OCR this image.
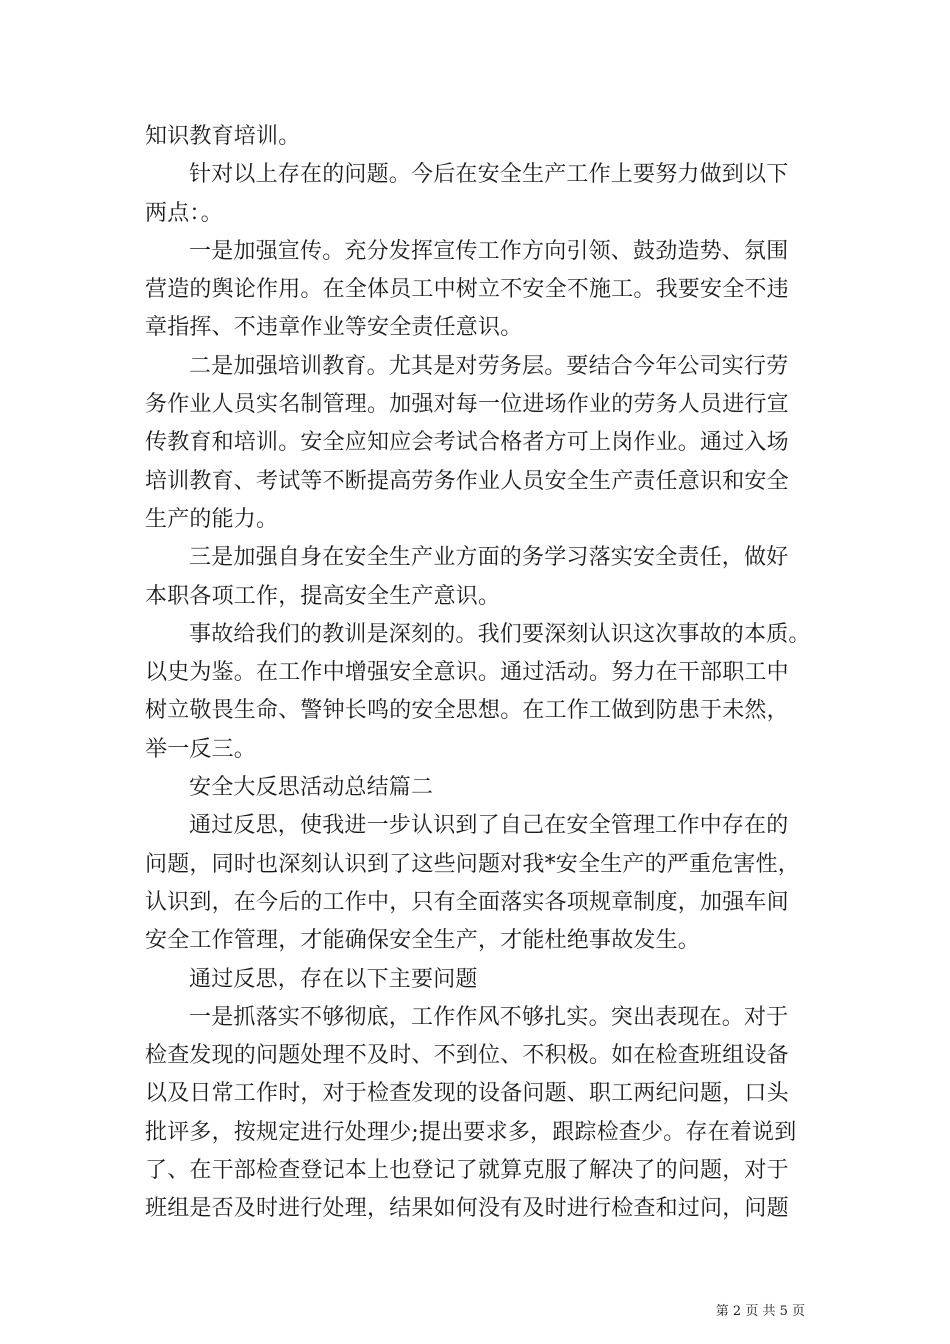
知识教育培训。
针对以上存在的问题。今后在安全生产工作上要努力做到以下
两点：。
一是加强宣传。充分发挥宣传工作方向引领、鼓劲造势、氛围
营造的舆论作用。在全体员工中树立不安全不施工。我要安全不违
章指挥、不违章作业等安全责任意识。
二是加强培训教育。尤其是对劳务层。要结合今年公司实行劳
务作业人员实名制管理。加强对每一位进场作业的劳务人员进行宣
传教育和培训。安全应知应会考试合格者方可上岗作业。通过入场
培训教育、考试等不断提高劳务作业人员安全生产责任意识和安全
生产的能力。
三是加强自身在安全生产业方面的务学习落实安全责任，做好
本职各项工作，提高安全生产意识。
事故给我们的教训是深刻的。我们要深刻认识这次事故的本质。
以史为鉴。在工作中增强安全意识。通过活动。努力在干部职工中
树立敬畏生命、警钟长鸣的安全思想。在工作工做到防患于未然，
举一反三。
安全大反思活动总结篇二
通过反思，使我进一步认识到了自己在安全管理工作中存在的
问题，同时也深刻认识到了这些问题对我*安全生产的严重危害性，
认识到，在今后的工作中，只有全面落实各项规章制度，加强车间
安全工作管理，才能确保安全生产，才能杜绝事故发生。
通过反思，存在以下主要问题
一是抓落实不够彻底，工作作风不够扎实。突出表现在。对于
检查发现的问题处理不及时、不到位、不积极。如在检查班组设备
以及日常工作时，对于检查发现的设备问题、职工两纪问题，口头
批评多，按规定进行处理少;提出要求多，跟踪检查少。存在着说到
了、在干部检查登记本上也登记了就算克服了解决了的问题，对于
班组是否及时进行处理，结果如何没有及时进行检查和过问，问题
第 2 页 共 5 页
